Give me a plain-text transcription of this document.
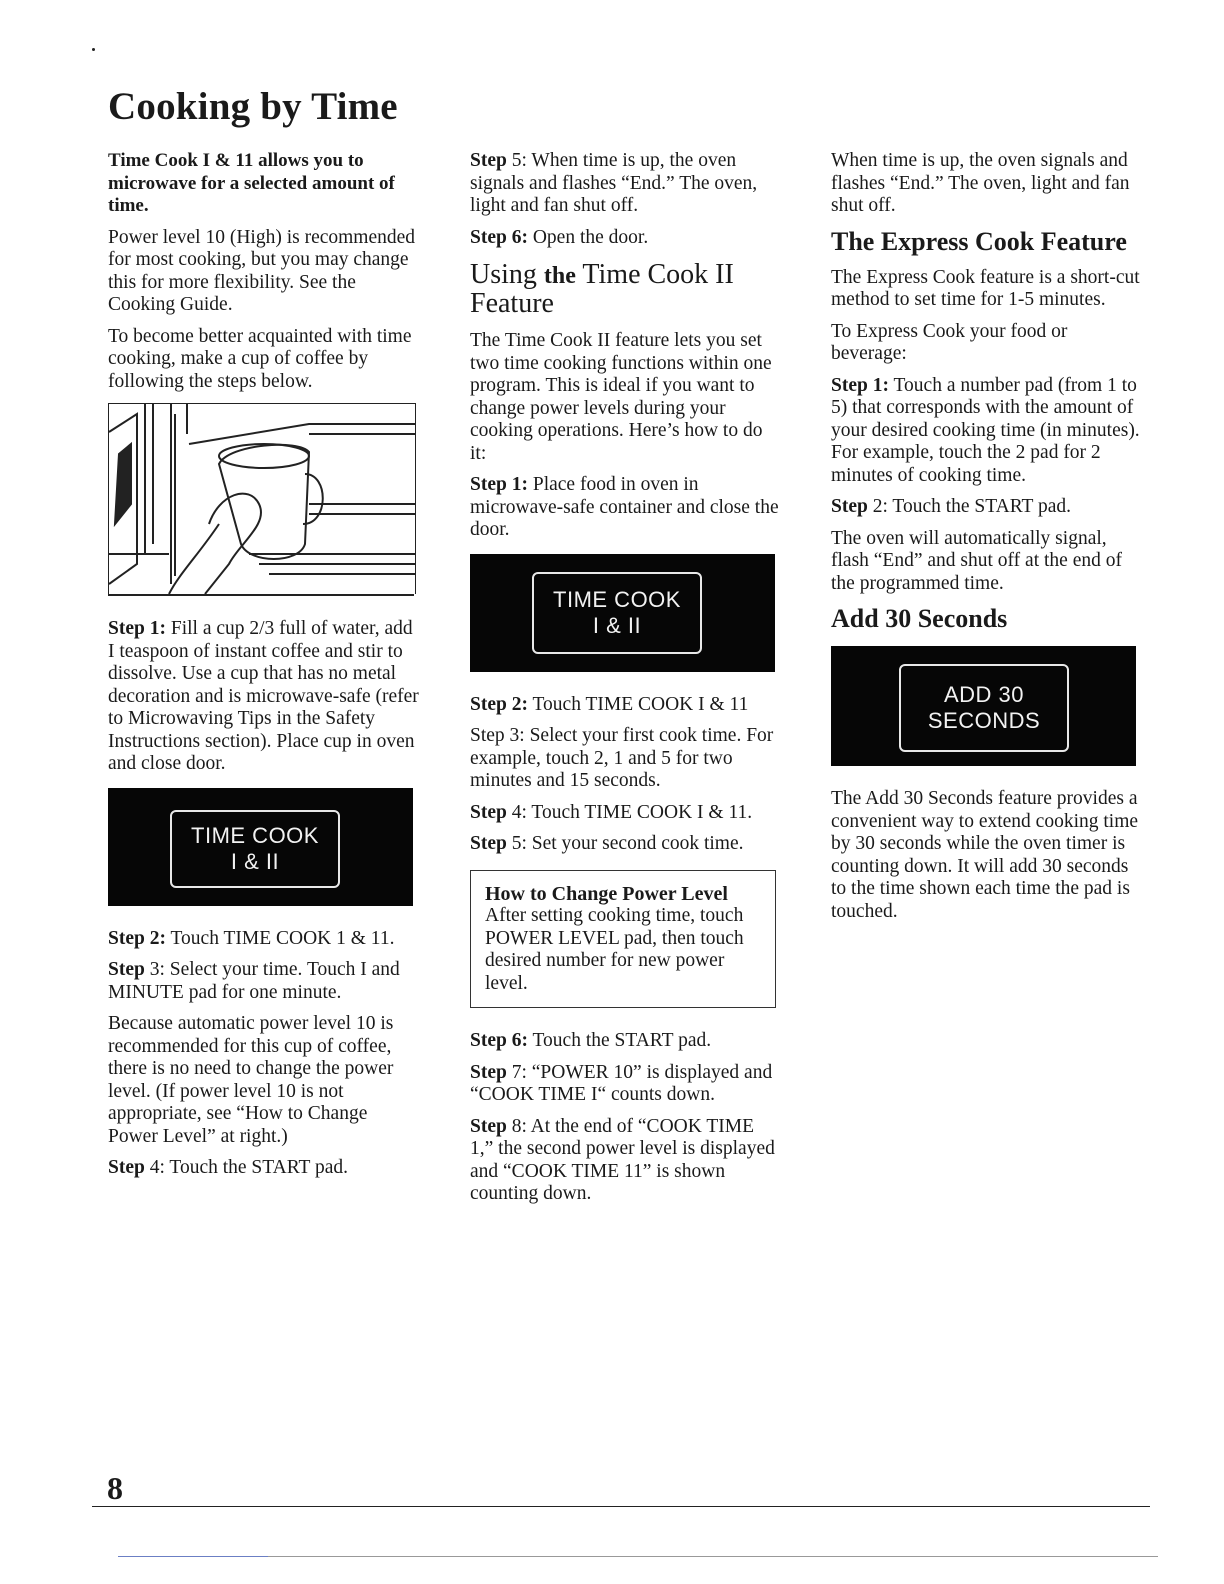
Cooking by Time

Time Cook I & 11 allows you to microwave for a selected amount of time.

Power level 10 (High) is recommended for most cooking, but you may change this for more flexibility. See the Cooking Guide.

To become better acquainted with time cooking, make a cup of coffee by following the steps below.

Step 1: Fill a cup 2/3 full of water, add I teaspoon of instant coffee and stir to dissolve. Use a cup that has no metal decoration and is microwave-safe (refer to Microwaving Tips in the Safety Instructions section). Place cup in oven and close door.

TIME COOK
I & II

Step 2: Touch TIME COOK 1 & 11.

Step 3: Select your time. Touch I and MINUTE pad for one minute.

Because automatic power level 10 is recommended for this cup of coffee, there is no need to change the power level. (If power level 10 is not appropriate, see “How to Change Power Level” at right.)

Step 4: Touch the START pad.

Step 5: When time is up, the oven signals and flashes “End.” The oven, light and fan shut off.

Step 6: Open the door.

Using the Time Cook II Feature

The Time Cook II feature lets you set two time cooking functions within one program. This is ideal if you want to change power levels during your cooking operations. Here’s how to do it:

Step 1: Place food in oven in microwave-safe container and close the door.

TIME COOK
I & II

Step 2: Touch TIME COOK I & 11

Step 3: Select your first cook time. For example, touch 2, 1 and 5 for two minutes and 15 seconds.

Step 4: Touch TIME COOK I & 11.

Step 5: Set your second cook time.

How to Change Power Level

After setting cooking time, touch POWER LEVEL pad, then touch desired number for new power level.

Step 6: Touch the START pad.

Step 7: “POWER 10” is displayed and “COOK TIME I“ counts down.

Step 8: At the end of “COOK TIME 1,” the second power level is displayed and “COOK TIME 11” is shown counting down.

When time is up, the oven signals and flashes “End.” The oven, light and fan shut off.

The Express Cook Feature

The Express Cook feature is a short-cut method to set time for 1-5 minutes.

To Express Cook your food or beverage:

Step 1: Touch a number pad (from 1 to 5) that corresponds with the amount of your desired cooking time (in minutes). For example, touch the 2 pad for 2 minutes of cooking time.

Step 2: Touch the START pad.

The oven will automatically signal, flash “End” and shut off at the end of the programmed time.

Add 30 Seconds
ADD 30
SECONDS

The Add 30 Seconds feature provides a convenient way to extend cooking time by 30 seconds while the oven timer is counting down. It will add 30 seconds to the time shown each time the pad is touched.

8
